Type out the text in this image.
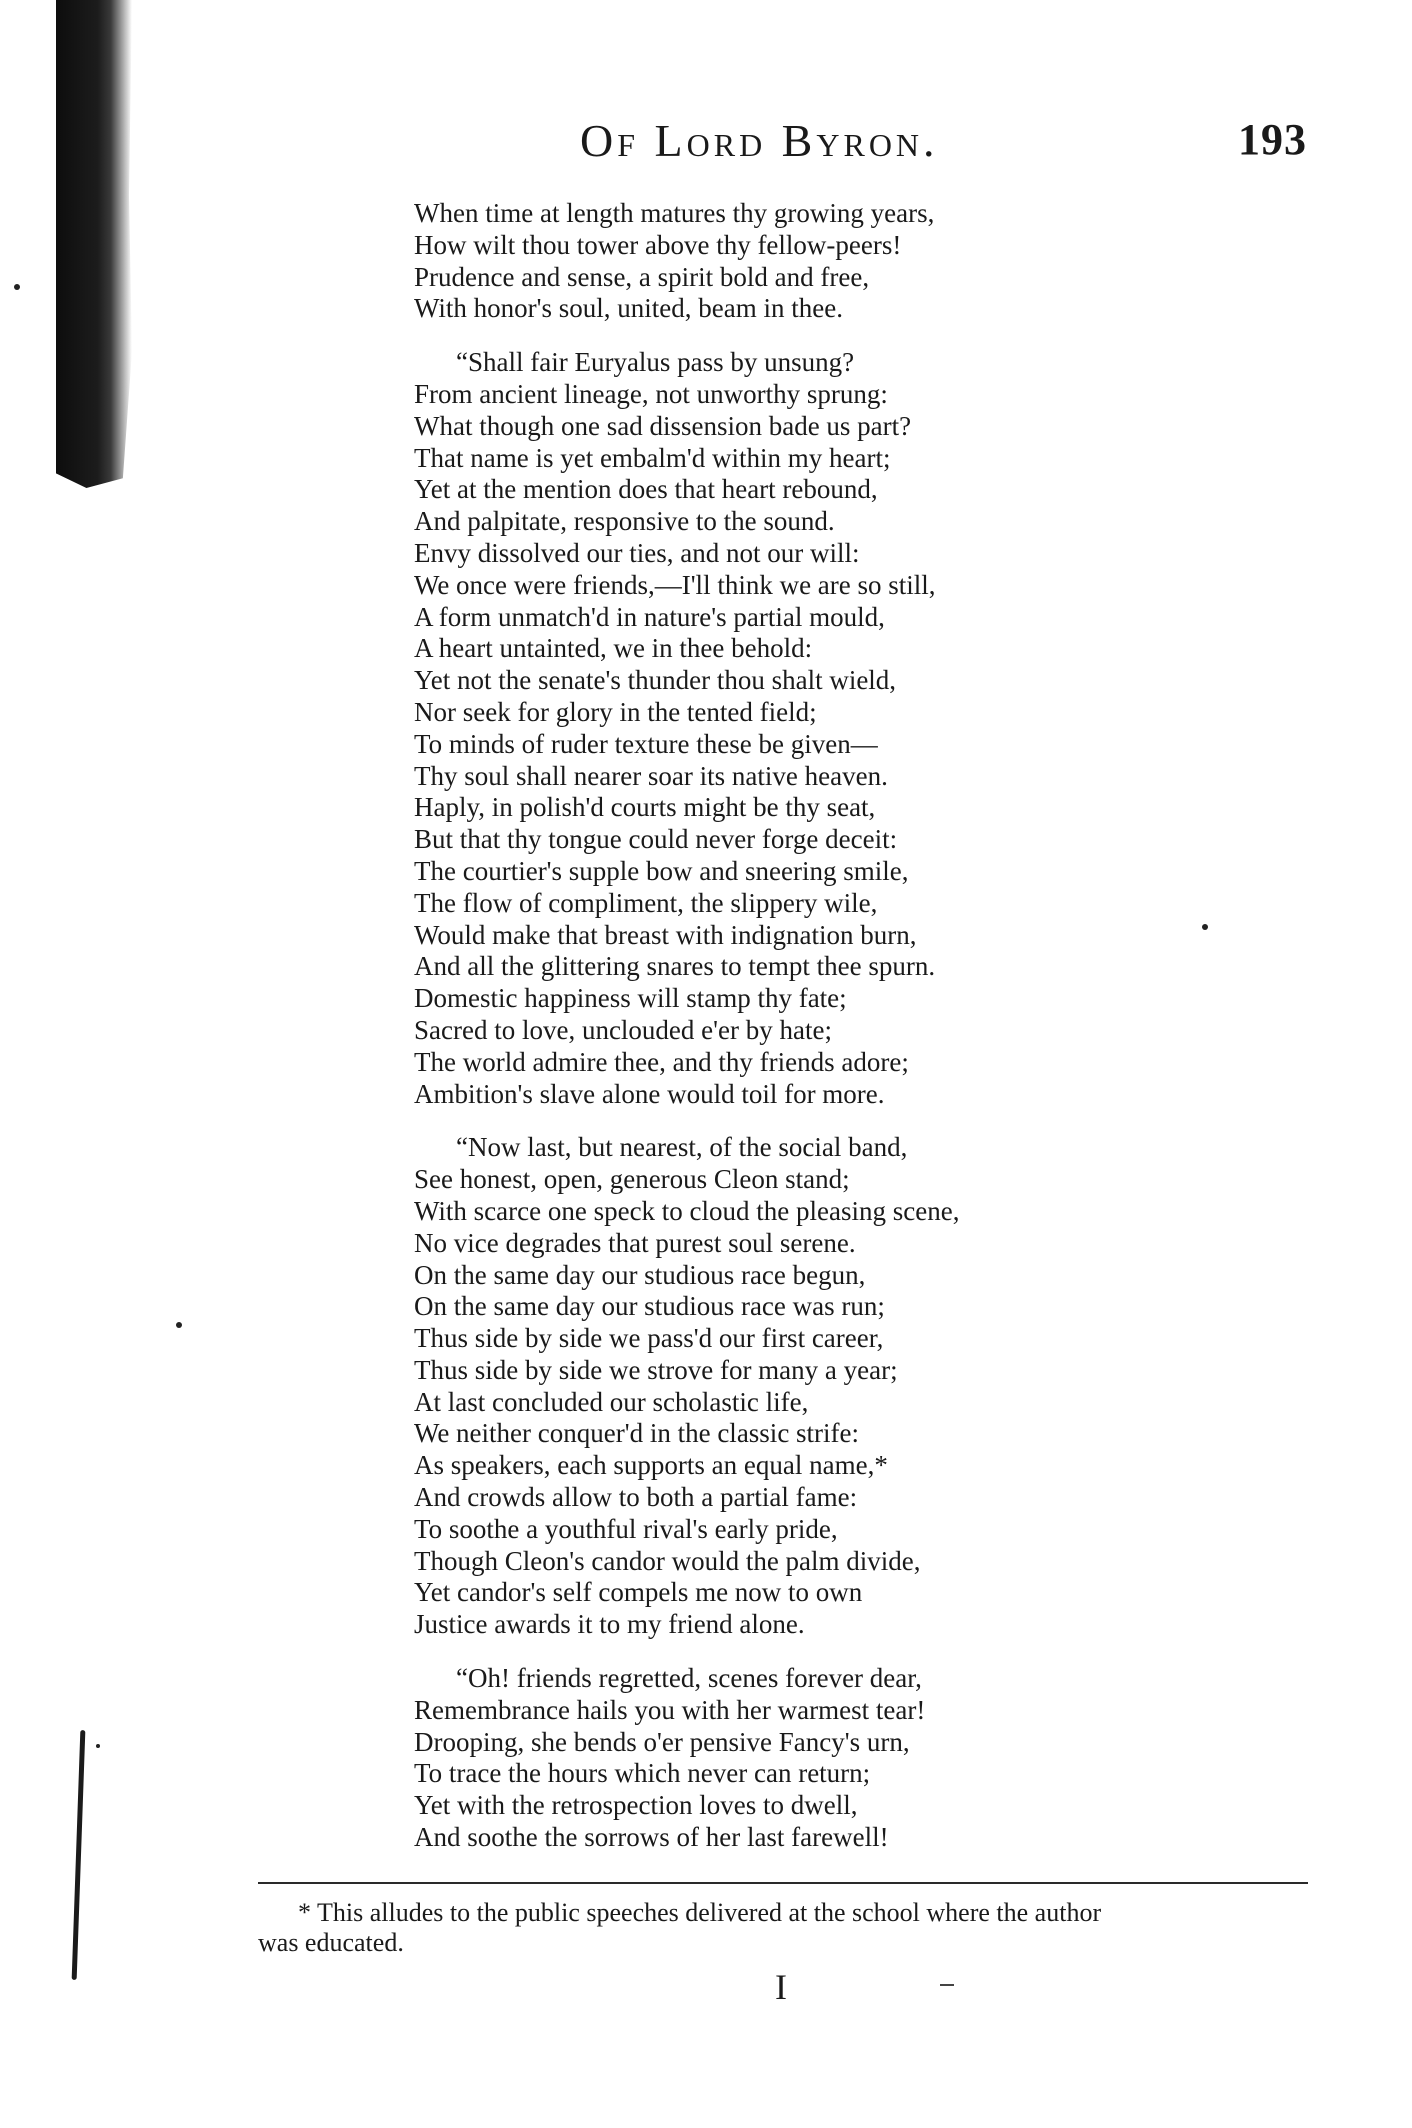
Of Lord Byron.	193
When time at length matures thy growing years,
How wilt thou tower above thy fellow-peers!
Prudence and sense, a spirit bold and free,
With honor's soul, united, beam in thee.
“Shall fair Euryalus pass by unsung?
From ancient lineage, not unworthy sprung:
What though one sad dissension bade us part?
That name is yet embalm'd within my heart;
Yet at the mention does that heart rebound,
And palpitate, responsive to the sound.
Envy dissolved our ties, and not our will:
We once were friends,—I'll think we are so still,
A form unmatch'd in nature's partial mould,
A heart untainted, we in thee behold:
Yet not the senate's thunder thou shalt wield,
Nor seek for glory in the tented field;
To minds of ruder texture these be given—
Thy soul shall nearer soar its native heaven.
Haply, in polish'd courts might be thy seat,
But that thy tongue could never forge deceit:
The courtier's supple bow and sneering smile,
The flow of compliment, the slippery wile,
Would make that breast with indignation burn,
And all the glittering snares to tempt thee spurn.
Domestic happiness will stamp thy fate;
Sacred to love, unclouded e'er by hate;
The world admire thee, and thy friends adore;
Ambition's slave alone would toil for more.
“Now last, but nearest, of the social band,
See honest, open, generous Cleon stand;
With scarce one speck to cloud the pleasing scene,
No vice degrades that purest soul serene.
On the same day our studious race begun,
On the same day our studious race was run;
Thus side by side we pass'd our first career,
Thus side by side we strove for many a year;
At last concluded our scholastic life,
We neither conquer'd in the classic strife:
As speakers, each supports an equal name,*
And crowds allow to both a partial fame:
To soothe a youthful rival's early pride,
Though Cleon's candor would the palm divide,
Yet candor's self compels me now to own
Justice awards it to my friend alone.
“Oh! friends regretted, scenes forever dear,
Remembrance hails you with her warmest tear!
Drooping, she bends o'er pensive Fancy's urn,
To trace the hours which never can return;
Yet with the retrospection loves to dwell,
And soothe the sorrows of her last farewell!
* This alludes to the public speeches delivered at the school where the author
was educated.
I
